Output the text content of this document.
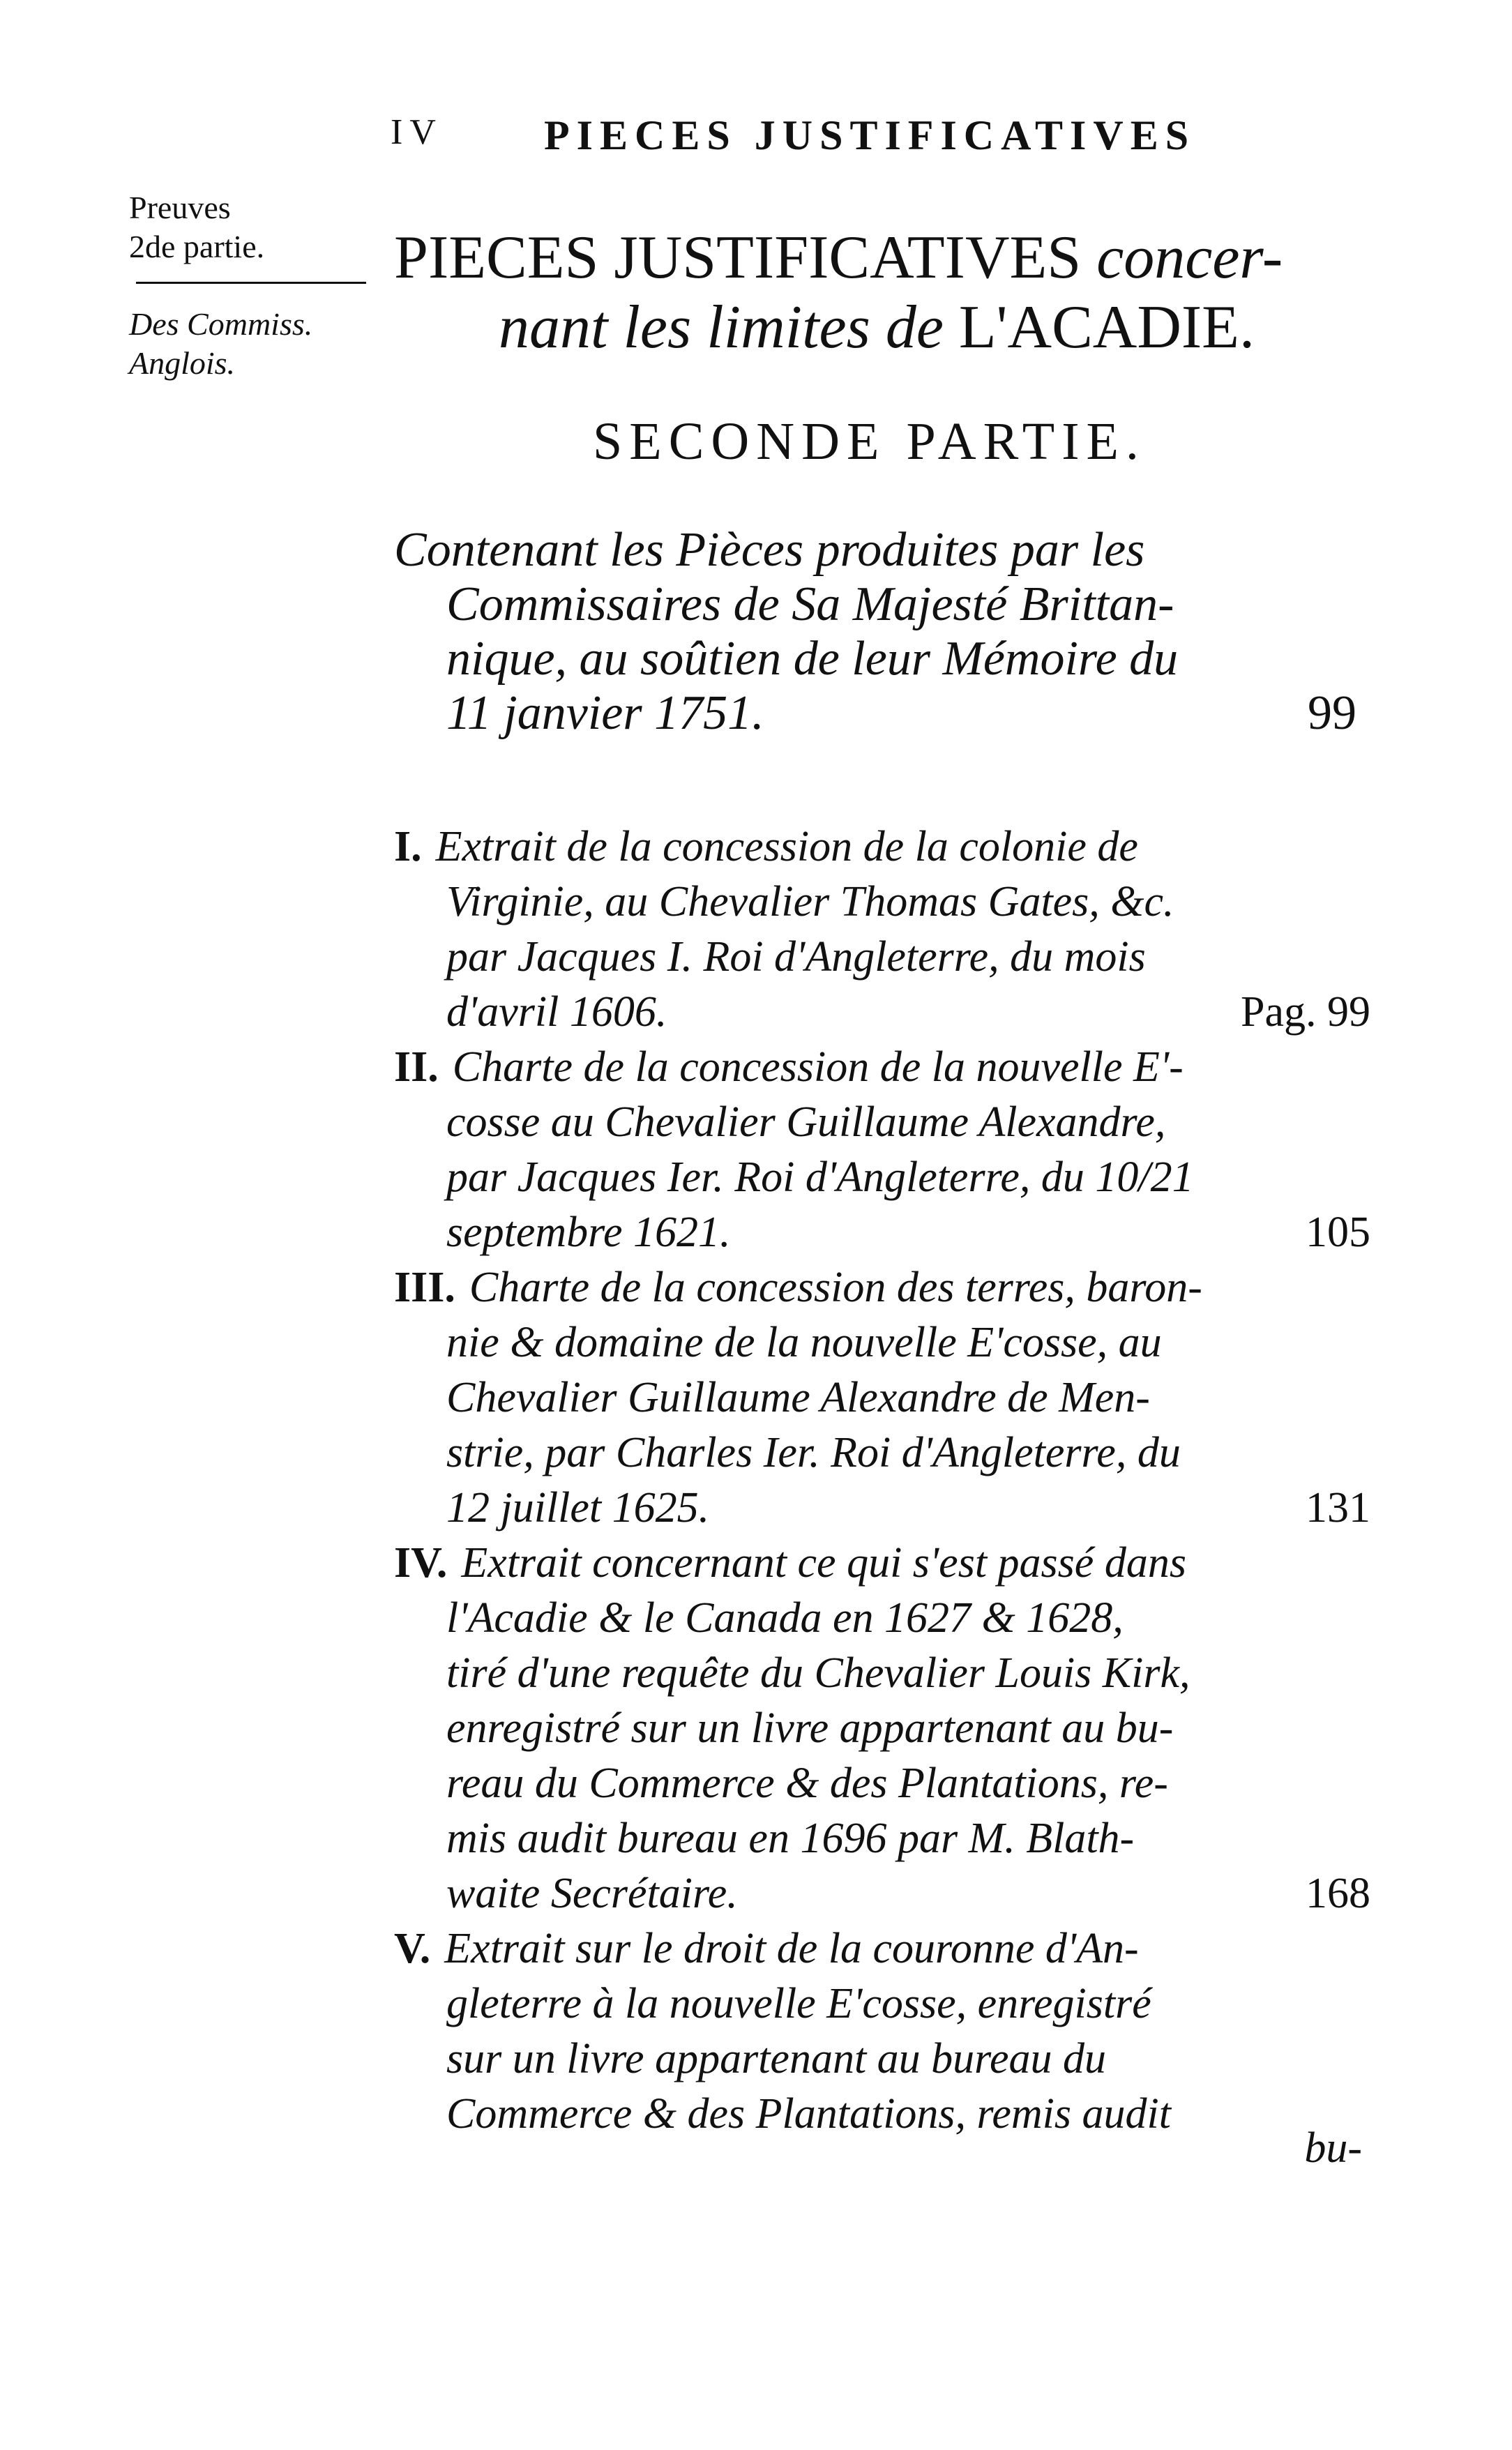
IV PIECES JUSTIFICATIVES
Preuves
2de partie.
Des Commiss.
Anglois.
PIECES JUSTIFICATIVES concer-
nant les limites de L'ACADIE.
SECONDE PARTIE.
Contenant les Pièces produites par les
Commissaires de Sa Majesté Brittan-
nique, au soûtien de leur Mémoire du
11 janvier 1751.	99
I. Extrait de la concession de la colonie de
Virginie, au Chevalier Thomas Gates, &c.
par Jacques I. Roi d'Angleterre, du mois
d'avril 1606.	Pag. 99
II. Charte de la concession de la nouvelle E'-
cosse au Chevalier Guillaume Alexandre,
par Jacques Ier. Roi d'Angleterre, du 10/21
septembre 1621.	105
III. Charte de la concession des terres, baron-
nie & domaine de la nouvelle E'cosse, au
Chevalier Guillaume Alexandre de Men-
strie, par Charles Ier. Roi d'Angleterre, du
12 juillet 1625.	131
IV. Extrait concernant ce qui s'est passé dans
l'Acadie & le Canada en 1627 & 1628,
tiré d'une requête du Chevalier Louis Kirk,
enregistré sur un livre appartenant au bu-
reau du Commerce & des Plantations, re-
mis audit bureau en 1696 par M. Blath-
waite Secrétaire.	168
V. Extrait sur le droit de la couronne d'An-
gleterre à la nouvelle E'cosse, enregistré
sur un livre appartenant au bureau du
Commerce & des Plantations, remis audit
bu-
